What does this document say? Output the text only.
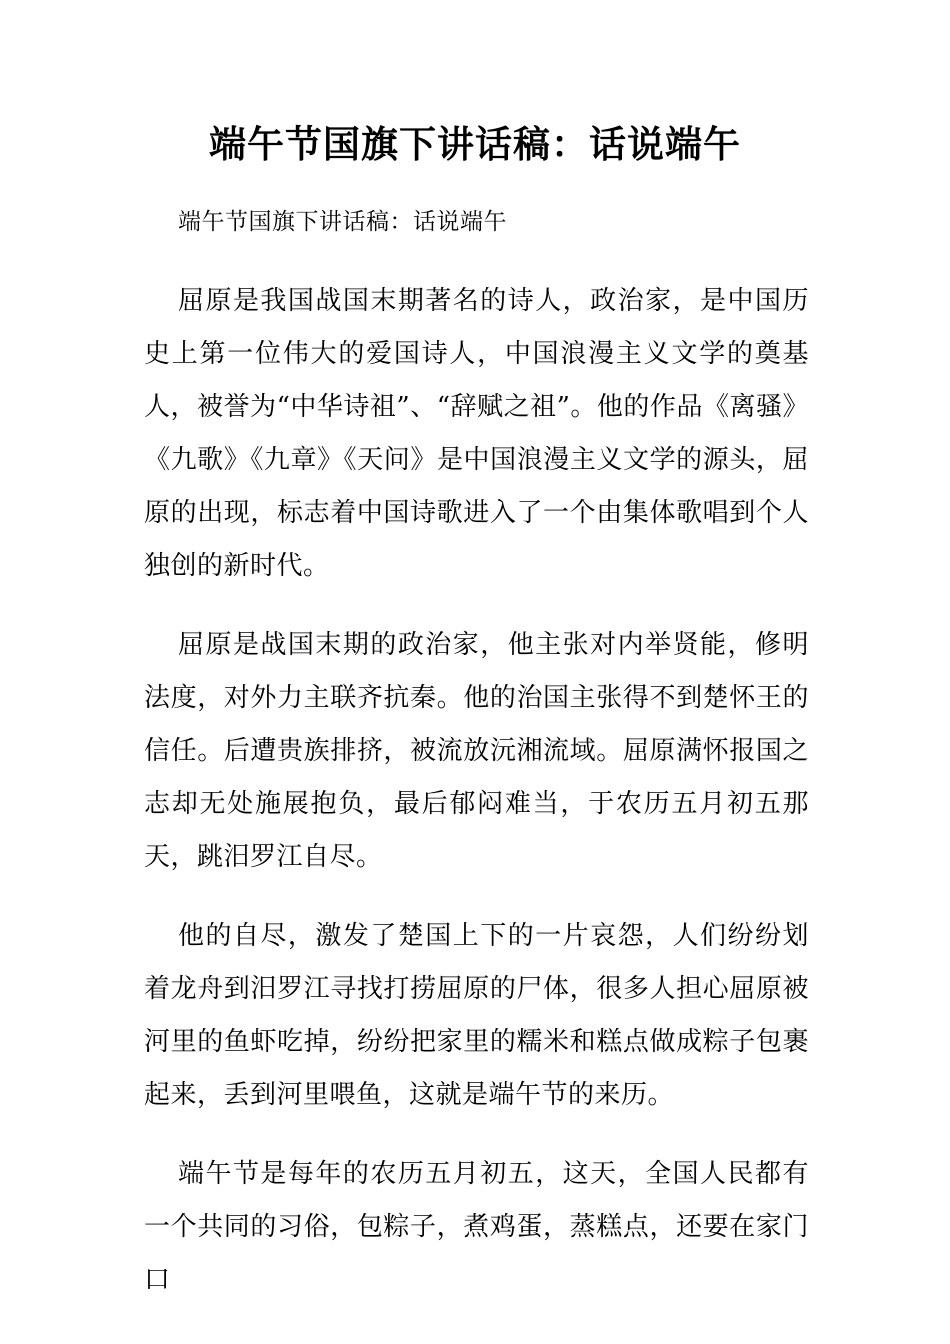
端午节国旗下讲话稿：话说端午

端午节国旗下讲话稿：话说端午

屈原是我国战国末期著名的诗人，政治家，是中国历史上第一位伟大的爱国诗人，中国浪漫主义文学的奠基人，被誉为“中华诗祖”、“辞赋之祖”。他的作品《离骚》《九歌》《九章》《天问》是中国浪漫主义文学的源头，屈原的出现，标志着中国诗歌进入了一个由集体歌唱到个人独创的新时代。

屈原是战国末期的政治家，他主张对内举贤能，修明法度，对外力主联齐抗秦。他的治国主张得不到楚怀王的信任。后遭贵族排挤，被流放沅湘流域。屈原满怀报国之志却无处施展抱负，最后郁闷难当，于农历五月初五那天，跳汨罗江自尽。

他的自尽，激发了楚国上下的一片哀怨，人们纷纷划着龙舟到汨罗江寻找打捞屈原的尸体，很多人担心屈原被河里的鱼虾吃掉，纷纷把家里的糯米和糕点做成粽子包裹起来，丢到河里喂鱼，这就是端午节的来历。

端午节是每年的农历五月初五，这天，全国人民都有一个共同的习俗，包粽子，煮鸡蛋，蒸糕点，还要在家门口
